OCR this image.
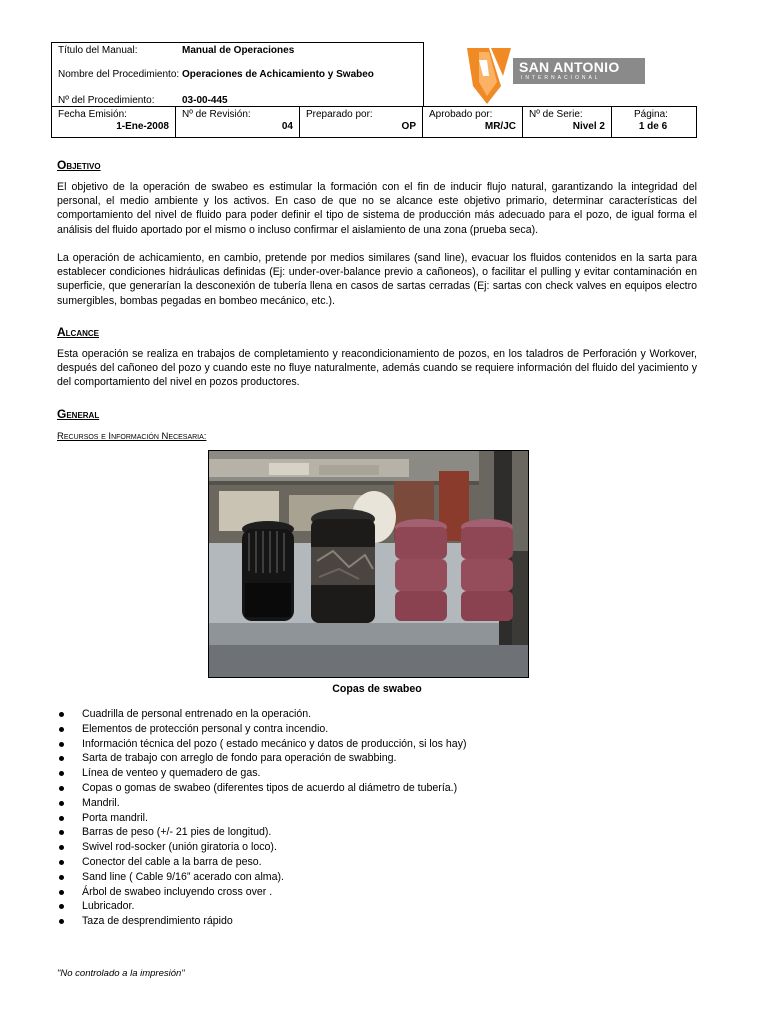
Título del Manual:	Manual de Operaciones
Nombre del Procedimiento: Operaciones de Achicamiento y Swabeo
Nº del Procedimiento:	03-00-445
Fecha Emisión:
1-Ene-2008
Nº de Revisión:
04
Preparado por:
OP
Aprobado por:
MR/JC
Nº de Serie:
Nivel 2
Página:
1 de 6
SAN ANTONIO
INTERNACIONAL
Objetivo

El objetivo de la operación de swabeo es estimular la formación con el fin de inducir flujo natural, garantizando la integridad del personal, el medio ambiente y los activos. En caso de que no se alcance este objetivo primario, determinar características del comportamiento del nivel de fluido para poder definir el tipo de sistema de producción más adecuado para el pozo, de igual forma el análisis del fluido aportado por el mismo o incluso confirmar el aislamiento de una zona (prueba seca).

La operación de achicamiento, en cambio, pretende por medios similares (sand line), evacuar los fluidos contenidos en la sarta para establecer condiciones hidráulicas definidas (Ej: under-over-balance previo a cañoneos), o facilitar el pulling y evitar contaminación en superficie, que generarían la desconexión de tubería llena en casos de sartas cerradas (Ej: sartas con check valves en equipos electro sumergibles, bombas pegadas en bombeo mecánico, etc.).

Alcance

Esta operación se realiza en trabajos de completamiento y reacondicionamiento de pozos, en los taladros de Perforación y Workover, después del cañoneo del pozo y cuando este no fluye naturalmente, además cuando se requiere información del fluido del yacimiento y del comportamiento del nivel en pozos productores.

General
Recursos e Información Necesaria:
Copas de swabeo
Cuadrilla de personal entrenado en la operación.
Elementos de protección personal y contra incendio.
Información técnica del pozo ( estado mecánico y datos de producción, si los hay)
Sarta de trabajo con arreglo de fondo para operación de swabbing.
Línea de venteo y quemadero de gas.
Copas o gomas de swabeo (diferentes tipos de acuerdo al diámetro de tubería.)
Mandril.
Porta mandril.
Barras de peso (+/- 21 pies de longitud).
Swivel rod-socker (unión giratoria o loco).
Conector del cable a la barra de peso.
Sand line ( Cable 9/16” acerado con alma).
Árbol de swabeo incluyendo cross over .
Lubricador.
Taza de desprendimiento rápido
"No controlado a la impresión"
